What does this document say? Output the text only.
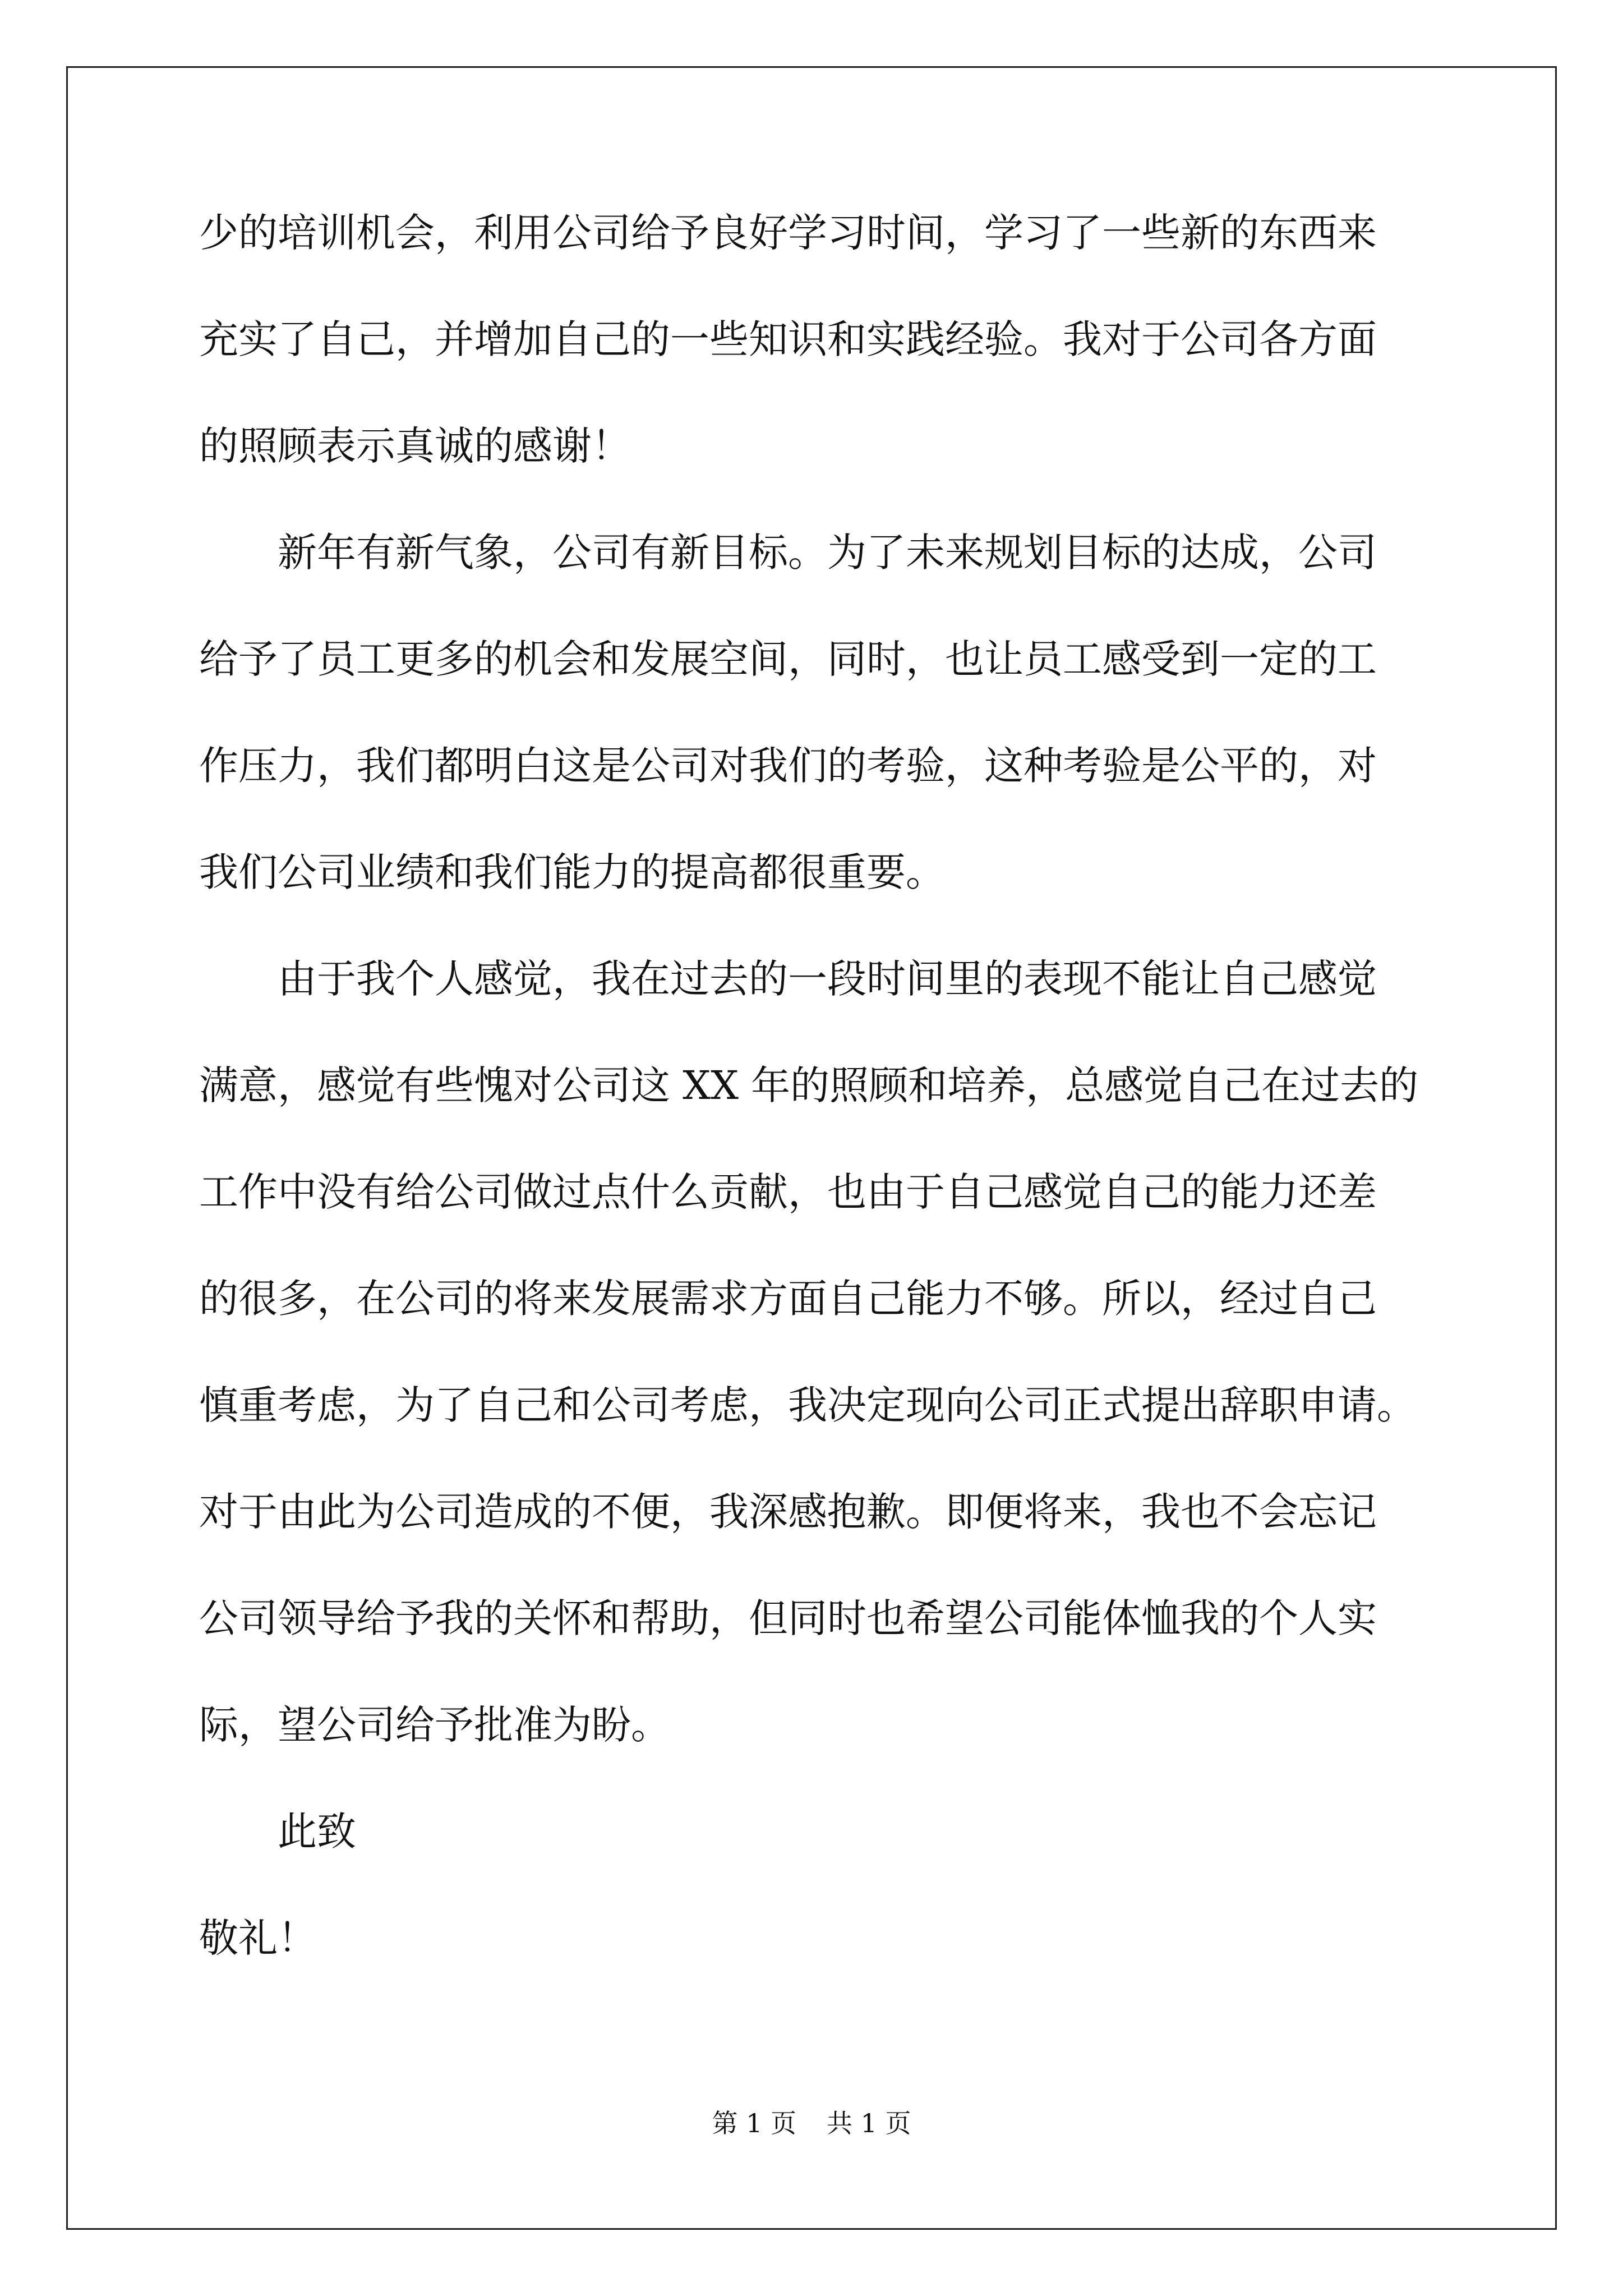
少的培训机会，利用公司给予良好学习时间，学习了一些新的东西来
充实了自己，并增加自己的一些知识和实践经验。我对于公司各方面
的照顾表示真诚的感谢！
新年有新气象，公司有新目标。为了未来规划目标的达成，公司
给予了员工更多的机会和发展空间，同时，也让员工感受到一定的工
作压力，我们都明白这是公司对我们的考验，这种考验是公平的，对
我们公司业绩和我们能力的提高都很重要。
由于我个人感觉，我在过去的一段时间里的表现不能让自己感觉
满意，感觉有些愧对公司这 XX 年的照顾和培养，总感觉自己在过去的
工作中没有给公司做过点什么贡献，也由于自己感觉自己的能力还差
的很多，在公司的将来发展需求方面自己能力不够。所以，经过自己
慎重考虑，为了自己和公司考虑，我决定现向公司正式提出辞职申请。
对于由此为公司造成的不便，我深感抱歉。即便将来，我也不会忘记
公司领导给予我的关怀和帮助，但同时也希望公司能体恤我的个人实
际，望公司给予批准为盼。
此致
敬礼！
第 1 页 共 1 页
